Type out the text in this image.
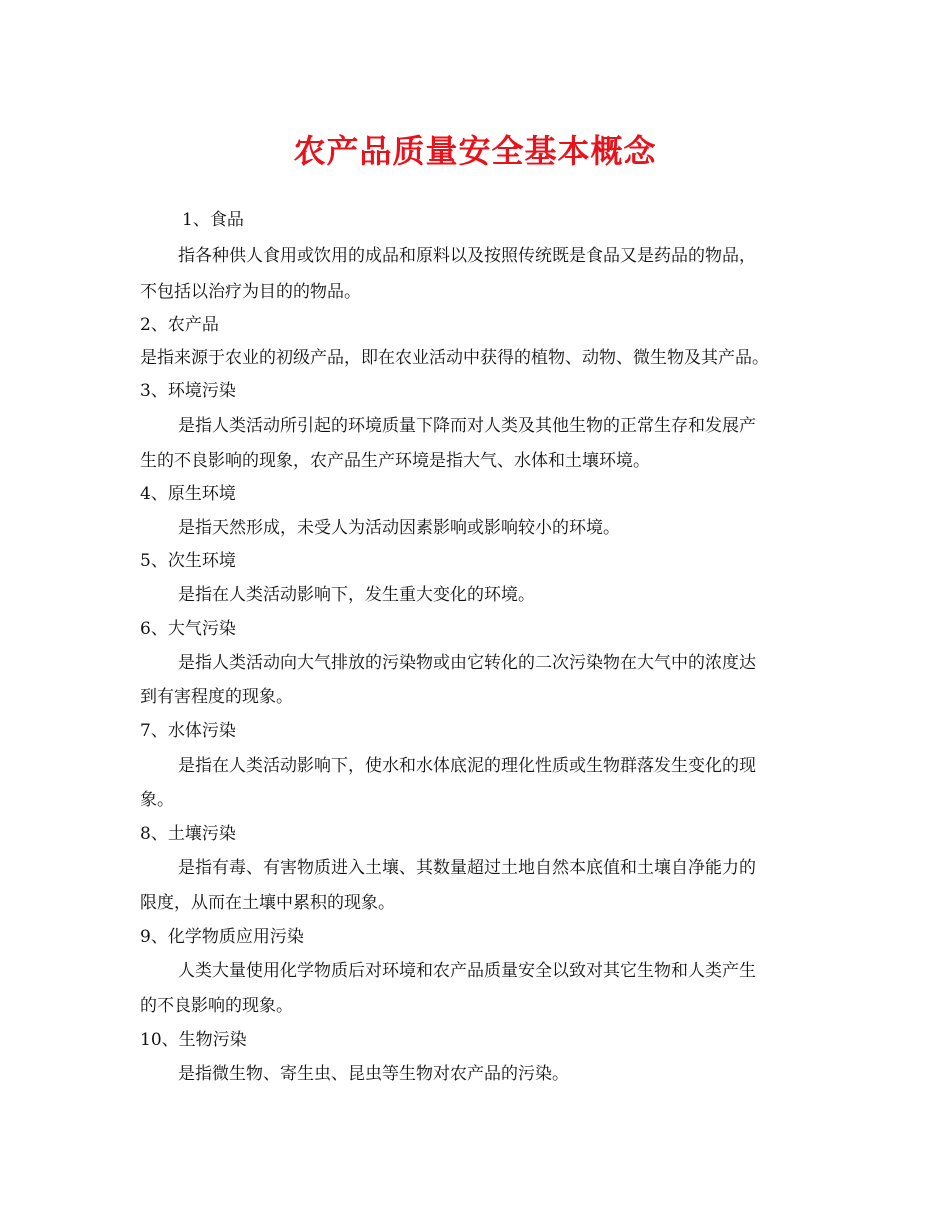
农产品质量安全基本概念
1、食品
指各种供人食用或饮用的成品和原料以及按照传统既是食品又是药品的物品，
不包括以治疗为目的的物品。
2、农产品
是指来源于农业的初级产品，即在农业活动中获得的植物、动物、微生物及其产品。
3、环境污染
是指人类活动所引起的环境质量下降而对人类及其他生物的正常生存和发展产
生的不良影响的现象，农产品生产环境是指大气、水体和土壤环境。
4、原生环境
是指天然形成，未受人为活动因素影响或影响较小的环境。
5、次生环境
是指在人类活动影响下，发生重大变化的环境。
6、大气污染
是指人类活动向大气排放的污染物或由它转化的二次污染物在大气中的浓度达
到有害程度的现象。
7、水体污染
是指在人类活动影响下，使水和水体底泥的理化性质或生物群落发生变化的现
象。
8、土壤污染
是指有毒、有害物质进入土壤、其数量超过土地自然本底值和土壤自净能力的
限度，从而在土壤中累积的现象。
9、化学物质应用污染
人类大量使用化学物质后对环境和农产品质量安全以致对其它生物和人类产生
的不良影响的现象。
10、生物污染
是指微生物、寄生虫、昆虫等生物对农产品的污染。
